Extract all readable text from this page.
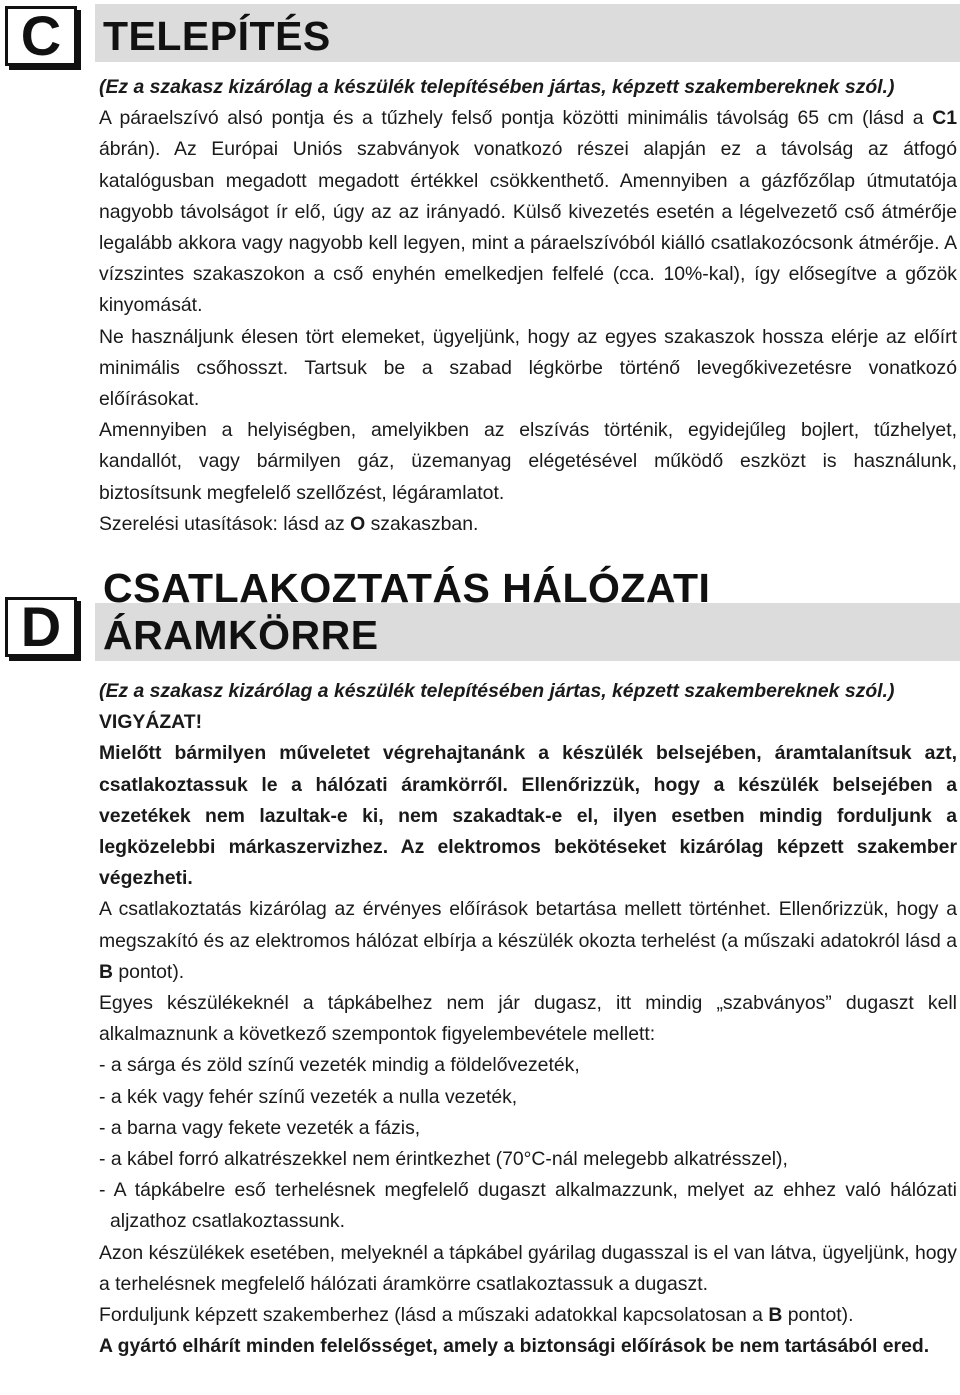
C	TELEPÍTÉS

(Ez a szakasz kizárólag a készülék telepítésében jártas, képzett szakembereknek szól.)

A páraelszívó alsó pontja és a tűzhely felső pontja közötti minimális távolság 65 cm (lásd a C1 ábrán). Az Európai Uniós szabványok vonatkozó részei alapján ez a távolság az átfogó katalógusban megadott megadott értékkel csökkenthető. Amennyiben a gázfőzőlap útmutatója nagyobb távolságot ír elő, úgy az az irányadó. Külső kivezetés esetén a légelvezető cső átmérője legalább akkora vagy nagyobb kell legyen, mint a páraelszívóból kiálló csatlakozócsonk átmérője. A vízszintes szakaszokon a cső enyhén emelkedjen felfelé (cca. 10%-kal), így elősegítve a gőzök kinyomását.

Ne használjunk élesen tört elemeket, ügyeljünk, hogy az egyes szakaszok hossza elérje az előírt minimális csőhosszt. Tartsuk be a szabad légkörbe történő levegőkivezetésre vonatkozó előírásokat.

Amennyiben a helyiségben, amelyikben az elszívás történik, egyidejűleg bojlert, tűzhelyet, kandallót, vagy bármilyen gáz, üzemanyag elégetésével működő eszközt is használunk, biztosítsunk megfelelő szellőzést, légáramlatot.

Szerelési utasítások: lásd az O szakaszban.

D
CSATLAKOZTATÁS HÁLÓZATI ÁRAMKÖRRE

(Ez a szakasz kizárólag a készülék telepítésében jártas, képzett szakembereknek szól.)

VIGYÁZAT!

Mielőtt bármilyen műveletet végrehajtanánk a készülék belsejében, áramtalanítsuk azt, csatlakoztassuk le a hálózati áramkörről. Ellenőrizzük, hogy a készülék belsejében a vezetékek nem lazultak-e ki, nem szakadtak-e el, ilyen esetben mindig forduljunk a legközelebbi márkaszervizhez. Az elektromos bekötéseket kizárólag képzett szakember végezheti.

A csatlakoztatás kizárólag az érvényes előírások betartása mellett történhet. Ellenőrizzük, hogy a megszakító és az elektromos hálózat elbírja a készülék okozta terhelést (a műszaki adatokról lásd a B pontot).

Egyes készülékeknél a tápkábelhez nem jár dugasz, itt mindig „szabványos” dugaszt kell alkalmaznunk a következő szempontok figyelembevétele mellett:

- a sárga és zöld színű vezeték mindig a földelővezeték,

- a kék vagy fehér színű vezeték a nulla vezeték,

- a barna vagy fekete vezeték a fázis,

- a kábel forró alkatrészekkel nem érintkezhet (70°C-nál melegebb alkatrésszel),

- A tápkábelre eső terhelésnek megfelelő dugaszt alkalmazzunk, melyet az ehhez való hálózati aljzathoz csatlakoztassunk.

Azon készülékek esetében, melyeknél a tápkábel gyárilag dugasszal is el van látva, ügyeljünk, hogy a terhelésnek megfelelő hálózati áramkörre csatlakoztassuk a dugaszt.

Forduljunk képzett szakemberhez (lásd a műszaki adatokkal kapcsolatosan a B pontot).

A gyártó elhárít minden felelősséget, amely a biztonsági előírások be nem tartásából ered.
